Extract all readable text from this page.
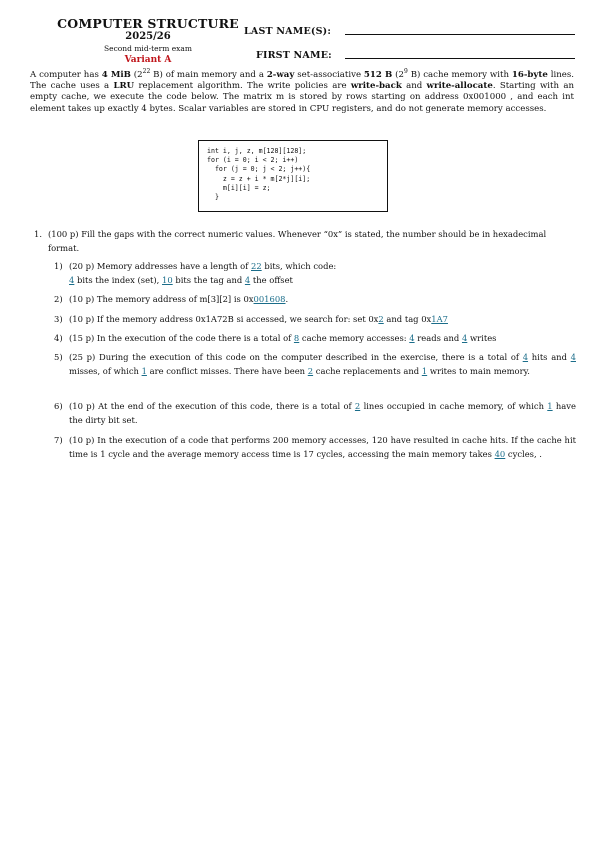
COMPUTER STRUCTURE
2025/26
Second mid-term exam
Variant A
LAST NAME(S):
FIRST NAME:
A computer has 4 MiB ($2^{22}$ B) of main memory and a 2-way set-associative 512 B ($2^9$ B) cache memory with 16-byte lines. The cache uses a LRU replacement algorithm. The write policies are write-back and write-allocate. Starting with an empty cache, we execute the code below. The matrix m is stored by rows starting on address 0x001000 , and each int element takes up exactly 4 bytes. Scalar variables are stored in CPU registers, and do not generate memory accesses.
int i, j, z, m[128][128];
for (i = 0; i < 2; i++)
for (j = 0; j < 2; j++){
z = z + i * m[2*j][i];
m[i][i] = z;
}
1. (100 p) Fill the gaps with the correct numeric values. Whenever “0x” is stated, the number should be in hexadecimal format.
1) (20 p) Memory addresses have a length of 22 bits, which code:
4 bits the index (set), 10 bits the tag and 4 the offset
2) (10 p) The memory address of m[3][2] is 0x001608.
3) (10 p) If the memory address 0x1A72B si accessed, we search for: set 0x2 and tag 0x1A7
4) (15 p) In the execution of the code there is a total of 8 cache memory accesses: 4 reads and 4 writes
5) (25 p) During the execution of this code on the computer described in the exercise, there is a total of 4 hits and 4 misses, of which 1 are conflict misses. There have been 2 cache replacements and 1 writes to main memory.
6) (10 p) At the end of the execution of this code, there is a total of 2 lines occupied in cache memory, of which 1 have the dirty bit set.
7) (10 p) In the execution of a code that performs 200 memory accesses, 120 have resulted in cache hits. If the cache hit time is 1 cycle and the average memory access time is 17 cycles, accessing the main memory takes 40 cycles, .
